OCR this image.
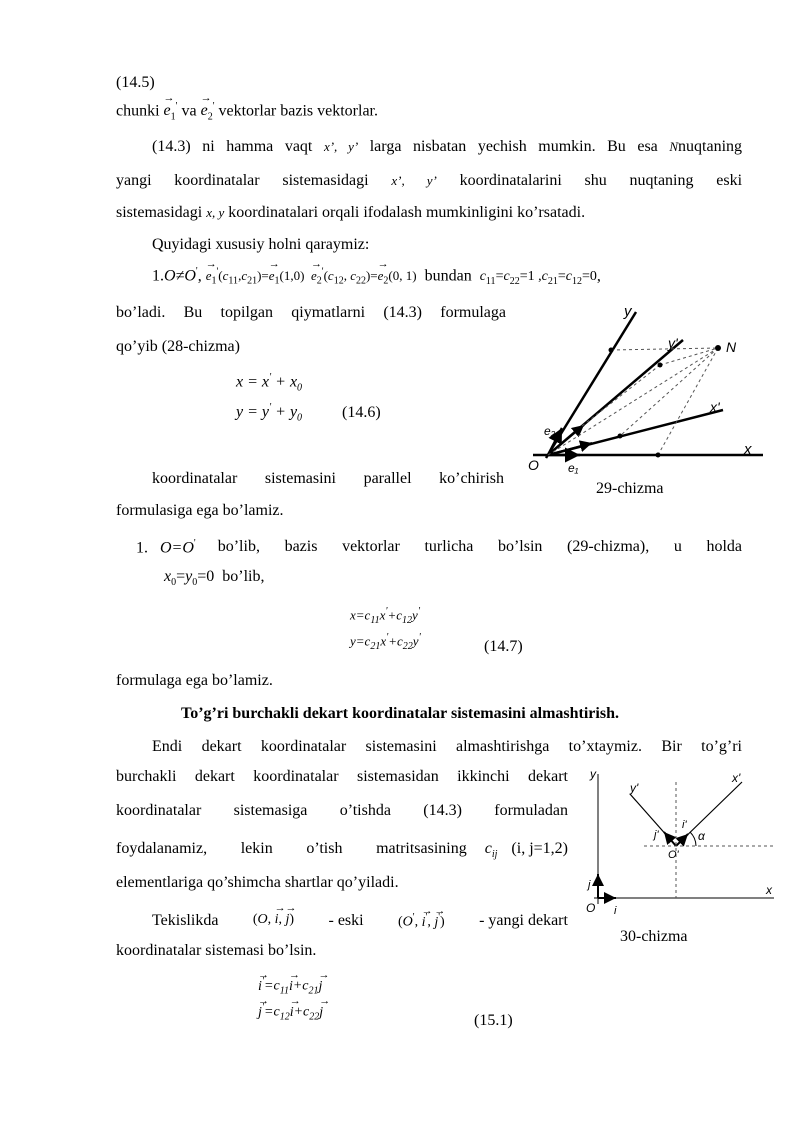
(14.5)
chunki → $e_1'$ va → $e_2'$ vektorlar bazis vektorlar.
(14.3) ni hamma vaqt x’, y’ larga nisbatan yechish mumkin. Bu esa Nnuqtaning
yangi koordinatalar sistemasidagi x’, y’ koordinatalarini shu nuqtaning eski
sistemasidagi x, y koordinatalari orqali ifodalash mumkinligini ko’rsatadi.
Quyidagi xususiy holni qaraymiz:
1.O≠O', → $e_1'(c_{11},c_{21})=\to e_1(1,0) \to e_2'(c_{12}$, $c_{22})=\to e_2(0$, 1) bundan $c_{11}=c_{22}=1$ $,c_{21}=c_{12}=0$,
bo’ladi. Bu topilgan qiymatlarni (14.3) formulaga
qo’yib (28-chizma)
$x = x' + x_0$
$y = y' + y_0$ (14.6)
koordinatalar sistemasini parallel ko’chirish
formulasiga ega bo’lamiz.
y
y'	N
x'
x
O e₁
e₂
29-chizma
1. O=O' bo’lib, bazis vektorlar turlicha bo’lsin (29-chizma), u holda
$x_0=y_0=0$  bo’lib,
$x=c_{11}x'+c_{12}y'$
$y=c_{21}x'+c_{22}y'$
(14.7)
formulaga ega bo’lamiz.
To’g’ri burchakli dekart koordinatalar sistemasini almashtirish.
Endi dekart koordinatalar sistemasini almashtirishga to’xtaymiz. Bir to’g’ri
burchakli dekart koordinatalar sistemasidan ikkinchi dekart
koordinatalar sistemasiga o’tishda (14.3) formuladan
foydalanamiz, lekin o’tish matritsasining $c_{ij}$ (i, j=1,2)
elementlariga qo’shimcha shartlar qo’yiladi.
Tekislikda (O, → i, → j) - eski (O', → i', → j') - yangi dekart
koordinatalar sistemasi bo’lsin.
→ $i'=c_{11}\to i+c_{21}\to j$
→ $j'=c_{12}\to i+c_{22}\to j$	(15.1)
y
y'
x'
x
O
O'
i
j
i'
j'	α
30-chizma
